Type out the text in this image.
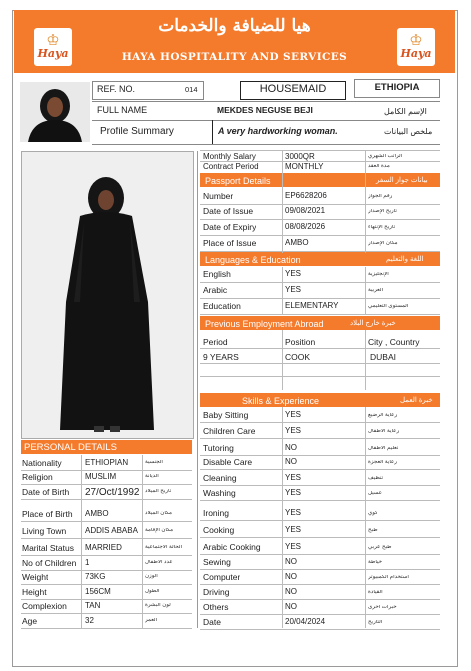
هيا للضيافة والخدمات
HAYA HOSPITALITY AND SERVICES
♔
Haya
♔
Haya
REF. NO.	014	HOUSEMAID	ETHIOPIA
FULL NAME	MEKDES NEGUSE BEJI	الإسم الكامل
Profile Summary	A very hardworking woman.	ملخص البيانات
PERSONAL DETAILS
Nationality	ETHIOPIAN	الجنسية
Religion	MUSLIM	الديانة
Date of Birth 27/Oct/1992 تاريخ الميلاد
Place of Birth AMBO	مكان الميلاد
Living Town ADDIS ABABA مكان الإقامة
Marital Status MARRIED	الحالة الاجتماعية
No of Children 1	عدد الأطفال
Weight	73KG	الوزن
Height	156CM	الطول
Complexion TAN	لون البشرة
Age	32	العمر
Monthly Salary	3000QR	الراتب الشهري
Contract Period	MONTHLY	مدة العقد
Passport Details	بيانات جواز السفر
Number	EP6628206	رقم الجواز
Date of Issue	09/08/2021	تاريخ الإصدار
Date of Expiry	08/08/2026	تاريخ الإنتهاء
Place of Issue	AMBO	مكان الإصدار
Languages & Education	اللغة والتعليم
English	YES	الإنجليزية
Arabic	YES	العربية
Education	ELEMENTARY	المستوى التعليمي
Previous Employment Abroad	خبرة خارج البلاد
Period	Position	City , Country
9 YEARS	COOK	DUBAI
Skills & Experience	خبرة العمل
Baby Sitting	YES	رعاية الرضيع
Children Care	YES	رعاية الأطفال
Tutoring	NO	تعليم الأطفال
Disable Care	NO	رعاية العجزة
Cleaning	YES	تنظيف
Washing	YES	غسيل
Ironing	YES	كوي
Cooking	YES	طبخ
Arabic Cooking	YES	طبخ عربي
Sewing	NO	خياطة
Computer	NO	استخدام الكمبيوتر
Driving	NO	القيادة
Others	NO	خبرات أخرى
Date	20/04/2024	التاريخ
